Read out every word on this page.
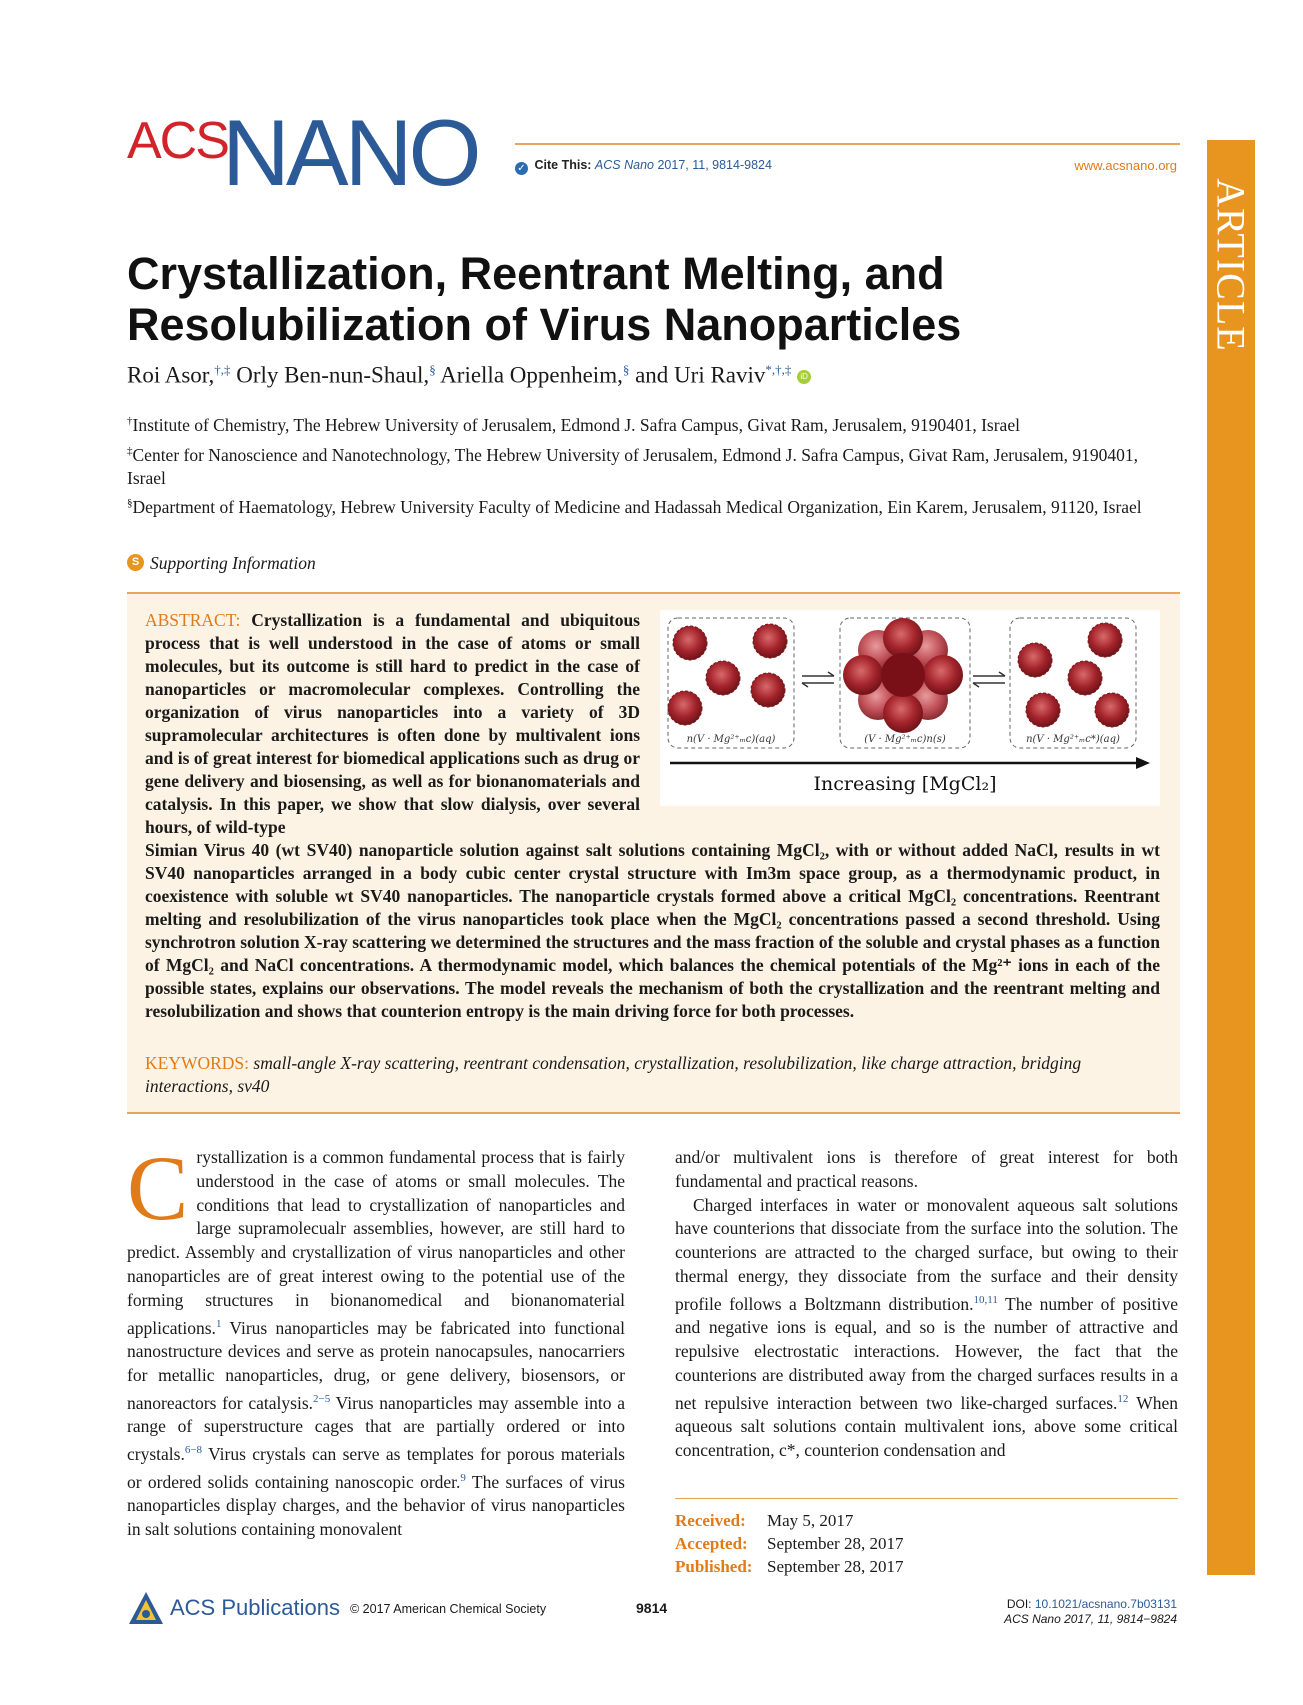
ACS
NANO	✓ Cite This: ACS Nano 2017, 11, 9814-9824	www.acsnano.org
ARTICLE
Crystallization, Reentrant Melting, and Resolubilization of Virus Nanoparticles
Roi Asor,†,‡ Orly Ben-nun-Shaul,§ Ariella Oppenheim,§ and Uri Raviv*,†,‡ iD
†Institute of Chemistry, The Hebrew University of Jerusalem, Edmond J. Safra Campus, Givat Ram, Jerusalem, 9190401, Israel
‡Center for Nanoscience and Nanotechnology, The Hebrew University of Jerusalem, Edmond J. Safra Campus, Givat Ram, Jerusalem, 9190401, Israel
§Department of Haematology, Hebrew University Faculty of Medicine and Hadassah Medical Organization, Ein Karem, Jerusalem, 91120, Israel
S Supporting Information
ABSTRACT: Crystallization is a fundamental and ubiquitous process that is well understood in the case of atoms or small molecules, but its outcome is still hard to predict in the case of nanoparticles or macromolecular complexes. Controlling the organization of virus nanoparticles into a variety of 3D supramolecular architectures is often done by multivalent ions and is of great interest for biomedical applications such as drug or gene delivery and biosensing, as well as for bionanomaterials and catalysis. In this paper, we show that slow dialysis, over several hours, of wild-type
Simian Virus 40 (wt SV40) nanoparticle solution against salt solutions containing MgCl₂, with or without added NaCl, results in wt SV40 nanoparticles arranged in a body cubic center crystal structure with Im3m space group, as a thermodynamic product, in coexistence with soluble wt SV40 nanoparticles. The nanoparticle crystals formed above a critical MgCl₂ concentrations. Reentrant melting and resolubilization of the virus nanoparticles took place when the MgCl₂ concentrations passed a second threshold. Using synchrotron solution X-ray scattering we determined the structures and the mass fraction of the soluble and crystal phases as a function of MgCl₂ and NaCl concentrations. A thermodynamic model, which balances the chemical potentials of the Mg²⁺ ions in each of the possible states, explains our observations. The model reveals the mechanism of both the crystallization and the reentrant melting and resolubilization and shows that counterion entropy is the main driving force for both processes.
KEYWORDS: small-angle X-ray scattering, reentrant condensation, crystallization, resolubilization, like charge attraction, bridging interactions, sv40
n(V · Mg²⁺ₘc)(aq)	(V · Mg²⁺ₘc)n(s)	n(V · Mg²⁺ₘc*)(aq)
Increasing [MgCl₂]

Crystallization is a common fundamental process that is fairly understood in the case of atoms or small molecules. The conditions that lead to crystallization of nanoparticles and large supramolecualr assemblies, however, are still hard to predict. Assembly and crystallization of virus nanoparticles and other nanoparticles are of great interest owing to the potential use of the forming structures in bionanomedical and bionanomaterial applications.$^1$ Virus nanoparticles may be fabricated into functional nanostructure devices and serve as protein nanocapsules, nanocarriers for metallic nanoparticles, drug, or gene delivery, biosensors, or nanoreactors for catalysis.$^{2-5}$ Virus nanoparticles may assemble into a range of superstructure cages that are partially ordered or into crystals.$^{6-8}$ Virus crystals can serve as templates for porous materials or ordered solids containing nanoscopic order.$^9$ The surfaces of virus nanoparticles display charges, and the behavior of virus nanoparticles in salt solutions containing monovalent

and/or multivalent ions is therefore of great interest for both fundamental and practical reasons.

Charged interfaces in water or monovalent aqueous salt solutions have counterions that dissociate from the surface into the solution. The counterions are attracted to the charged surface, but owing to their thermal energy, they dissociate from the surface and their density profile follows a Boltzmann distribution.$^{10,11}$ The number of positive and negative ions is equal, and so is the number of attractive and repulsive electrostatic interactions. However, the fact that the counterions are distributed away from the charged surfaces results in a net repulsive interaction between two like-charged surfaces.$^{12}$ When aqueous salt solutions contain multivalent ions, above some critical concentration, c*, counterion condensation and

Received: May 5, 2017
Accepted: September 28, 2017
Published: September 28, 2017
ACS Publications © 2017 American Chemical Society	9814	DOI: 10.1021/acsnano.7b03131
ACS Nano 2017, 11, 9814−9824
